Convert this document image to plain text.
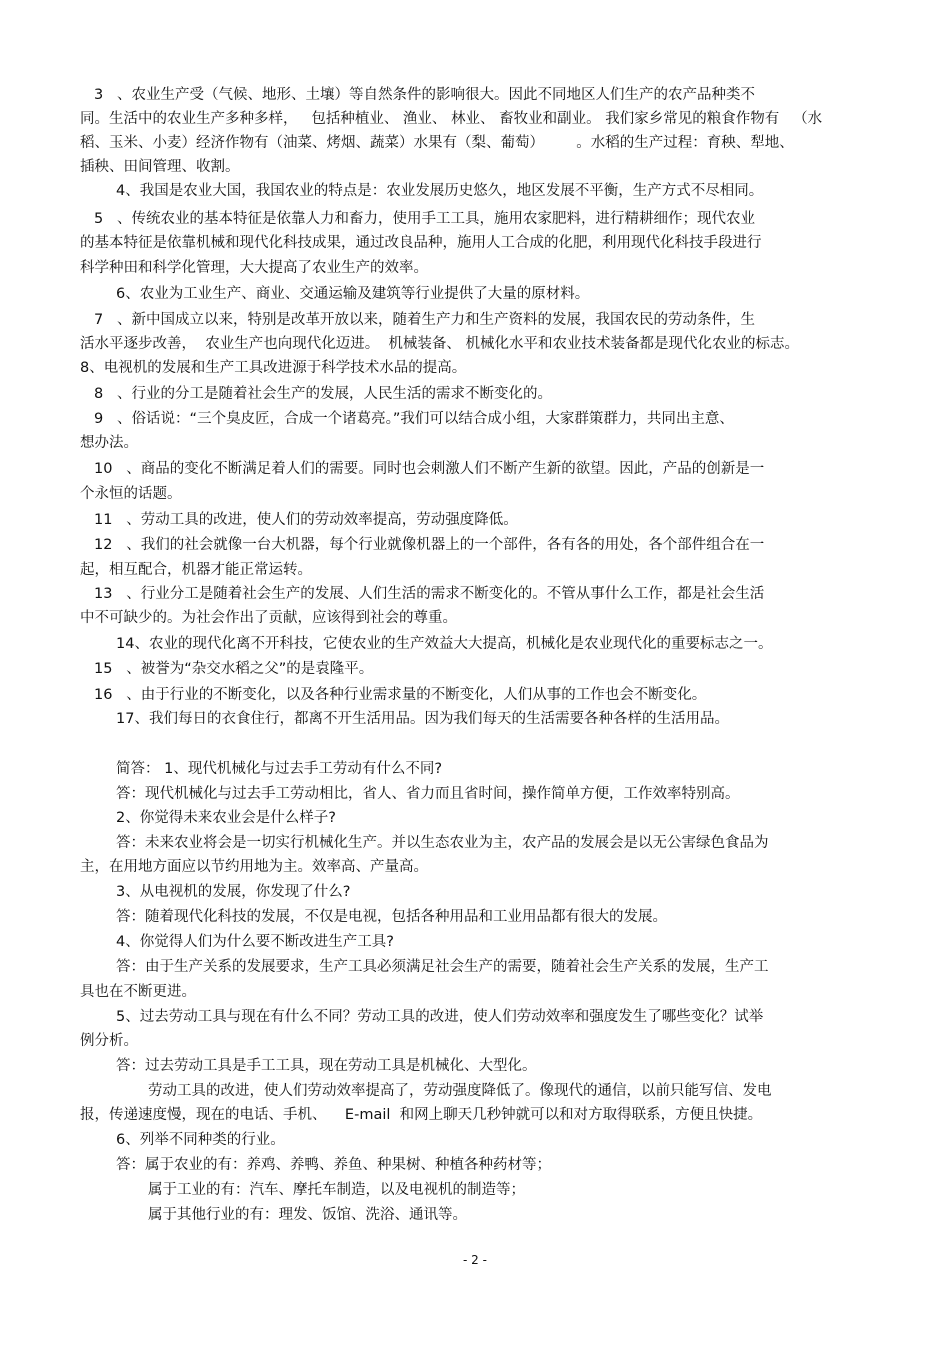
3   、农业生产受（气候、地形、土壤）等自然条件的影响很大。因此不同地区人们生产的农产品种类不
同。生活中的农业生产多种多样，   包括种植业、 渔业、 林业、 畜牧业和副业。 我们家乡常见的粮食作物有   （水
稻、玉米、小麦）经济作物有（油菜、烤烟、蔬菜）水果有（梨、葡萄）       。水稻的生产过程：育秧、犁地、
插秧、田间管理、收割。
4、我国是农业大国，我国农业的特点是：农业发展历史悠久，地区发展不平衡，生产方式不尽相同。
5   、传统农业的基本特征是依靠人力和畜力，使用手工工具，施用农家肥料，进行精耕细作；现代农业
的基本特征是依靠机械和现代化科技成果，通过改良品种，施用人工合成的化肥，利用现代化科技手段进行
科学种田和科学化管理，大大提高了农业生产的效率。
6、农业为工业生产、商业、交通运输及建筑等行业提供了大量的原材料。
7   、新中国成立以来，特别是改革开放以来，随着生产力和生产资料的发展，我国农民的劳动条件，生
活水平逐步改善，  农业生产也向现代化迈进。  机械装备、 机械化水平和农业技术装备都是现代化农业的标志。
8、电视机的发展和生产工具改进源于科学技术水品的提高。
8   、行业的分工是随着社会生产的发展，人民生活的需求不断变化的。
9   、俗话说：“三个臭皮匠，合成一个诸葛亮。”我们可以结合成小组，大家群策群力，共同出主意、
想办法。
10   、商品的变化不断满足着人们的需要。同时也会刺激人们不断产生新的欲望。因此，产品的创新是一
个永恒的话题。
11   、劳动工具的改进，使人们的劳动效率提高，劳动强度降低。
12   、我们的社会就像一台大机器，每个行业就像机器上的一个部件，各有各的用处，各个部件组合在一
起，相互配合，机器才能正常运转。
13   、行业分工是随着社会生产的发展、人们生活的需求不断变化的。不管从事什么工作，都是社会生活
中不可缺少的。为社会作出了贡献，应该得到社会的尊重。
14、农业的现代化离不开科技，它使农业的生产效益大大提高，机械化是农业现代化的重要标志之一。
15   、被誉为“杂交水稻之父”的是袁隆平。
16   、由于行业的不断变化，以及各种行业需求量的不断变化，人们从事的工作也会不断变化。
17、我们每日的衣食住行，都离不开生活用品。因为我们每天的生活需要各种各样的生活用品。
简答： 1、现代机械化与过去手工劳动有什么不同?
答：现代机械化与过去手工劳动相比，省人、省力而且省时间，操作简单方便，工作效率特别高。
2、你觉得未来农业会是什么样子?
答：未来农业将会是一切实行机械化生产。并以生态农业为主，农产品的发展会是以无公害绿色食品为
主，在用地方面应以节约用地为主。效率高、产量高。
3、从电视机的发展，你发现了什么?
答：随着现代化科技的发展，不仅是电视，包括各种用品和工业用品都有很大的发展。
4、你觉得人们为什么要不断改进生产工具?
答：由于生产关系的发展要求，生产工具必须满足社会生产的需要，随着社会生产关系的发展，生产工
具也在不断更进。
5、过去劳动工具与现在有什么不同？劳动工具的改进，使人们劳动效率和强度发生了哪些变化？试举
例分析。
答：过去劳动工具是手工工具，现在劳动工具是机械化、大型化。
劳动工具的改进，使人们劳动效率提高了，劳动强度降低了。像现代的通信，以前只能写信、发电
报，传递速度慢，现在的电话、手机、    E-mail  和网上聊天几秒钟就可以和对方取得联系，方便且快捷。
6、列举不同种类的行业。
答：属于农业的有：养鸡、养鸭、养鱼、种果树、种植各种药材等；
属于工业的有：汽车、摩托车制造，以及电视机的制造等；
属于其他行业的有：理发、饭馆、洗浴、通讯等。
- 2 -
